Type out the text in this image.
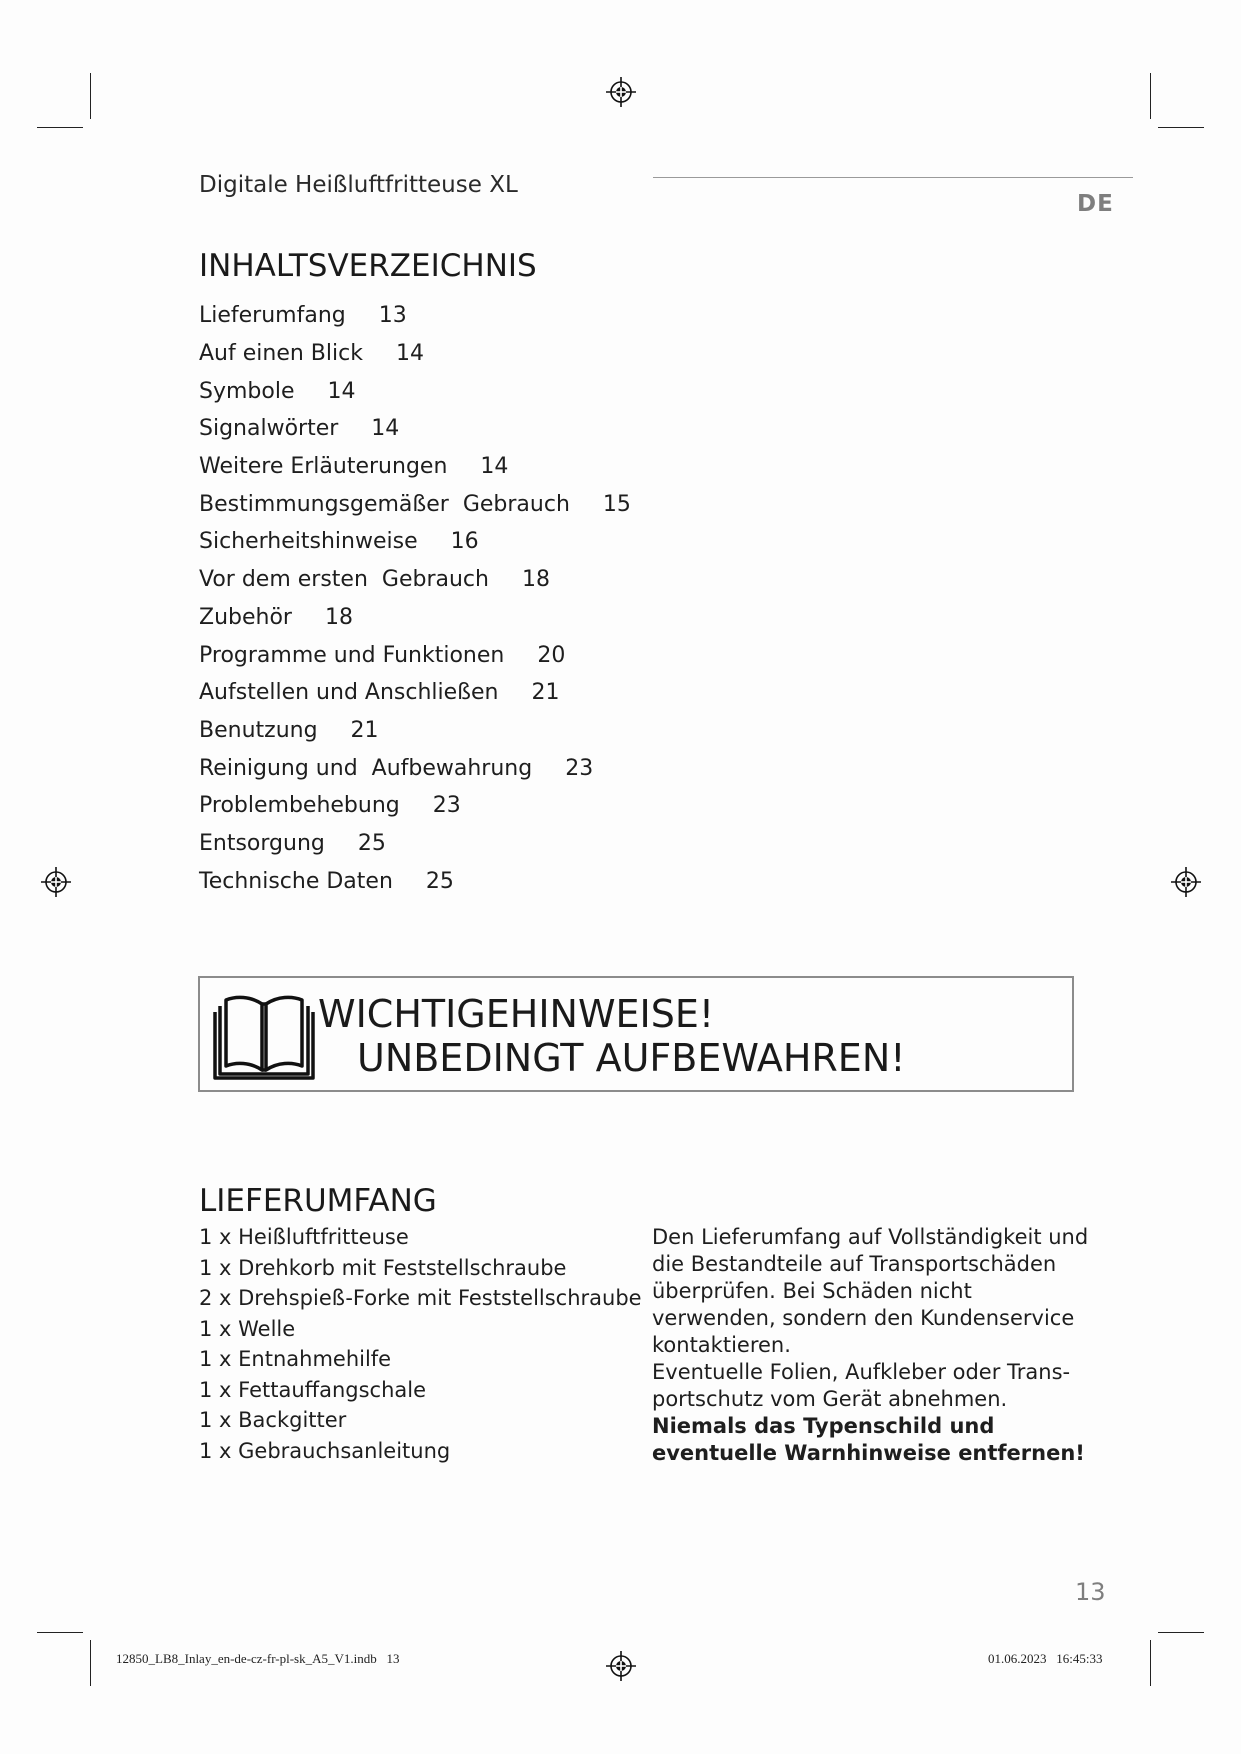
Digitale Heißluftfritteuse XL
DE
INHALTSVERZEICHNIS
Lieferumfang 13
Auf einen Blick 14
Symbole 14
Signalwörter 14
Weitere Erläuterungen 14
Bestimmungsgemäßer  Gebrauch 15
Sicherheitshinweise 16
Vor dem ersten  Gebrauch 18
Zubehör 18
Programme und Funktionen 20
Aufstellen und Anschließen 21
Benutzung 21
Reinigung und  Aufbewahrung 23
Problembehebung 23
Entsorgung 25
Technische Daten 25
WICHTIGEHINWEISE!
UNBEDINGT AUFBEWAHREN!
LIEFERUMFANG
1 x Heißluftfritteuse
1 x Drehkorb mit Feststellschraube
2 x Drehspieß-Forke mit Feststellschraube
1 x Welle
1 x Entnahmehilfe
1 x Fettauffangschale
1 x Backgitter
1 x Gebrauchsanleitung

Den Lieferumfang auf Vollständigkeit und die Bestandteile auf Transportschäden überprüfen. Bei Schäden nicht verwenden, sondern den Kundenservice kontaktieren.

Eventuelle Folien, Aufkleber oder Transportschutz vom Gerät abnehmen. Niemals das Typenschild und eventuelle Warnhinweise entfernen!

13
12850_LB8_Inlay_en-de-cz-fr-pl-sk_A5_V1.indb   13	01.06.2023   16:45:33
